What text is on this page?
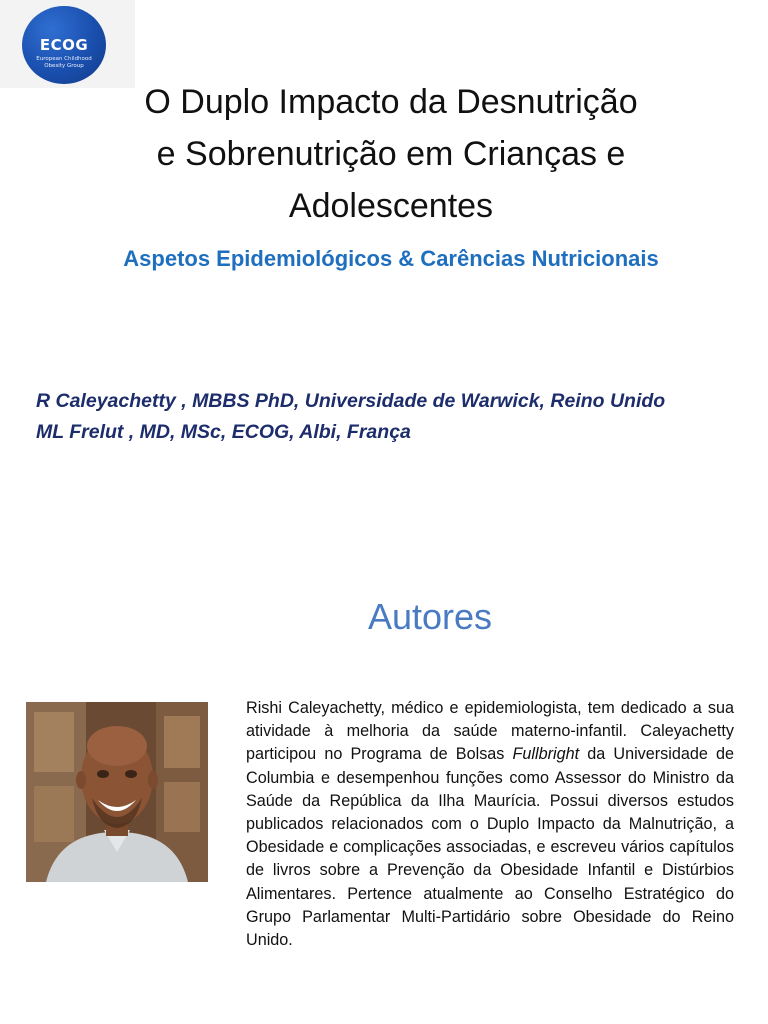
ECOG
European Childhood
Obesity Group
O Duplo Impacto da Desnutrição
e Sobrenutrição em Crianças e
Adolescentes
Aspetos Epidemiológicos & Carências Nutricionais
R Caleyachetty , MBBS PhD, Universidade de Warwick, Reino Unido
ML Frelut , MD, MSc, ECOG, Albi, França
Autores

Rishi Caleyachetty, médico e epidemiologista, tem dedicado a sua atividade à melhoria da saúde materno-infantil. Caleyachetty participou no Programa de Bolsas Fullbright da Universidade de Columbia e desempenhou funções como Assessor do Ministro da Saúde da República da Ilha Maurícia. Possui diversos estudos publicados relacionados com o Duplo Impacto da Malnutrição, a Obesidade e complicações associadas, e escreveu vários capítulos de livros sobre a Prevenção da Obesidade Infantil e Distúrbios Alimentares. Pertence atualmente ao Conselho Estratégico do Grupo Parlamentar Multi-Partidário sobre Obesidade do Reino Unido.
